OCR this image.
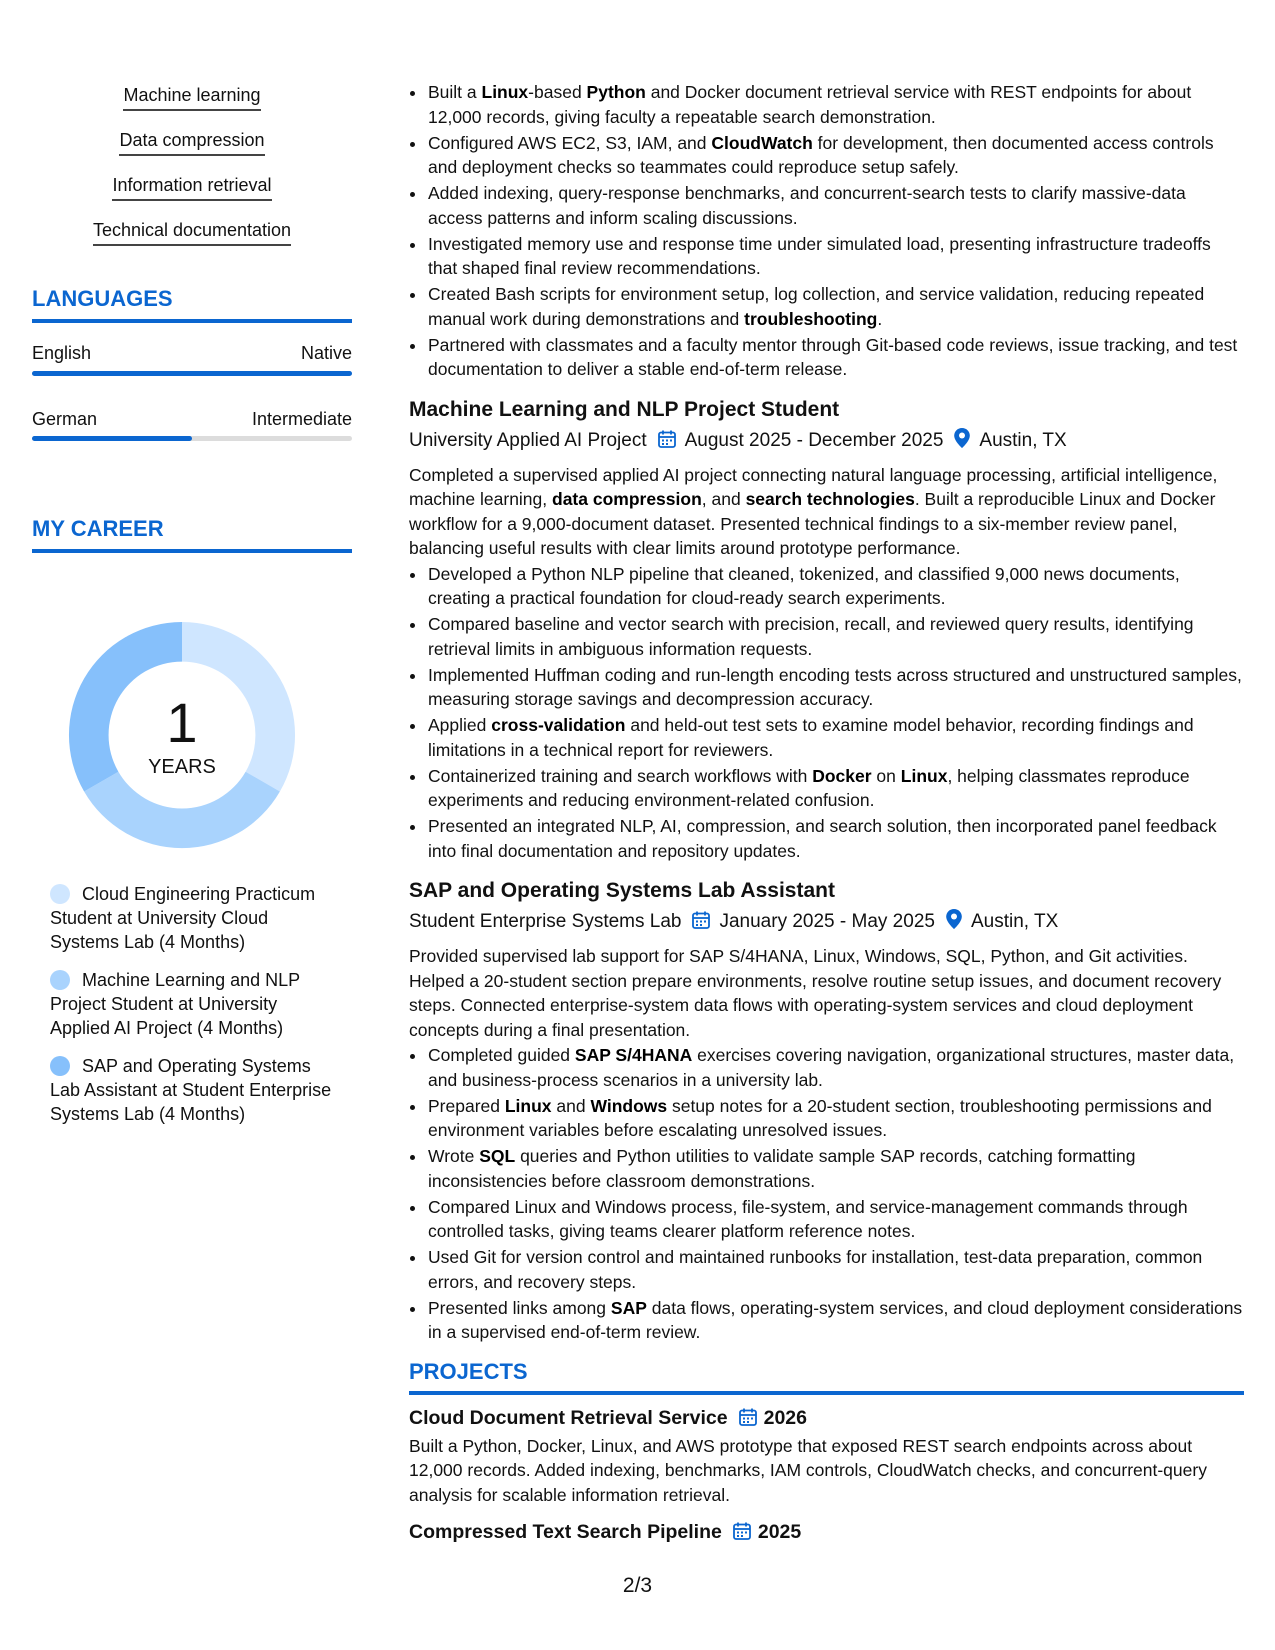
Machine learning
Data compression
Information retrieval
Technical documentation
LANGUAGES
English	Native
German	Intermediate
MY CAREER
1
YEARS
Cloud Engineering Practicum Student at University Cloud Systems Lab (4 Months)
Machine Learning and NLP Project Student at University Applied AI Project (4 Months)
SAP and Operating Systems Lab Assistant at Student Enterprise Systems Lab (4 Months)
• Built a Linux-based Python and Docker document retrieval service with REST endpoints for about 12,000 records, giving faculty a repeatable search demonstration.
• Configured AWS EC2, S3, IAM, and CloudWatch for development, then documented access controls and deployment checks so teammates could reproduce setup safely.
• Added indexing, query-response benchmarks, and concurrent-search tests to clarify massive-data access patterns and inform scaling discussions.
• Investigated memory use and response time under simulated load, presenting infrastructure tradeoffs that shaped final review recommendations.
• Created Bash scripts for environment setup, log collection, and service validation, reducing repeated manual work during demonstrations and troubleshooting.
• Partnered with classmates and a faculty mentor through Git-based code reviews, issue tracking, and test documentation to deliver a stable end-of-term release.
Machine Learning and NLP Project Student
University Applied AI Project August 2025 - December 2025 Austin, TX
Completed a supervised applied AI project connecting natural language processing, artificial intelligence, machine learning, data compression, and search technologies. Built a reproducible Linux and Docker workflow for a 9,000-document dataset. Presented technical findings to a six-member review panel, balancing useful results with clear limits around prototype performance.
• Developed a Python NLP pipeline that cleaned, tokenized, and classified 9,000 news documents, creating a practical foundation for cloud-ready search experiments.
• Compared baseline and vector search with precision, recall, and reviewed query results, identifying retrieval limits in ambiguous information requests.
• Implemented Huffman coding and run-length encoding tests across structured and unstructured samples, measuring storage savings and decompression accuracy.
• Applied cross-validation and held-out test sets to examine model behavior, recording findings and limitations in a technical report for reviewers.
• Containerized training and search workflows with Docker on Linux, helping classmates reproduce experiments and reducing environment-related confusion.
• Presented an integrated NLP, AI, compression, and search solution, then incorporated panel feedback into final documentation and repository updates.
SAP and Operating Systems Lab Assistant
Student Enterprise Systems Lab January 2025 - May 2025 Austin, TX
Provided supervised lab support for SAP S/4HANA, Linux, Windows, SQL, Python, and Git activities. Helped a 20-student section prepare environments, resolve routine setup issues, and document recovery steps. Connected enterprise-system data flows with operating-system services and cloud deployment concepts during a final presentation.
• Completed guided SAP S/4HANA exercises covering navigation, organizational structures, master data, and business-process scenarios in a university lab.
• Prepared Linux and Windows setup notes for a 20-student section, troubleshooting permissions and environment variables before escalating unresolved issues.
• Wrote SQL queries and Python utilities to validate sample SAP records, catching formatting inconsistencies before classroom demonstrations.
• Compared Linux and Windows process, file-system, and service-management commands through controlled tasks, giving teams clearer platform reference notes.
• Used Git for version control and maintained runbooks for installation, test-data preparation, common errors, and recovery steps.
• Presented links among SAP data flows, operating-system services, and cloud deployment considerations in a supervised end-of-term review.
PROJECTS
Cloud Document Retrieval Service 2026
Built a Python, Docker, Linux, and AWS prototype that exposed REST search endpoints across about 12,000 records. Added indexing, benchmarks, IAM controls, CloudWatch checks, and concurrent-query analysis for scalable information retrieval.
Compressed Text Search Pipeline 2025
2/3
